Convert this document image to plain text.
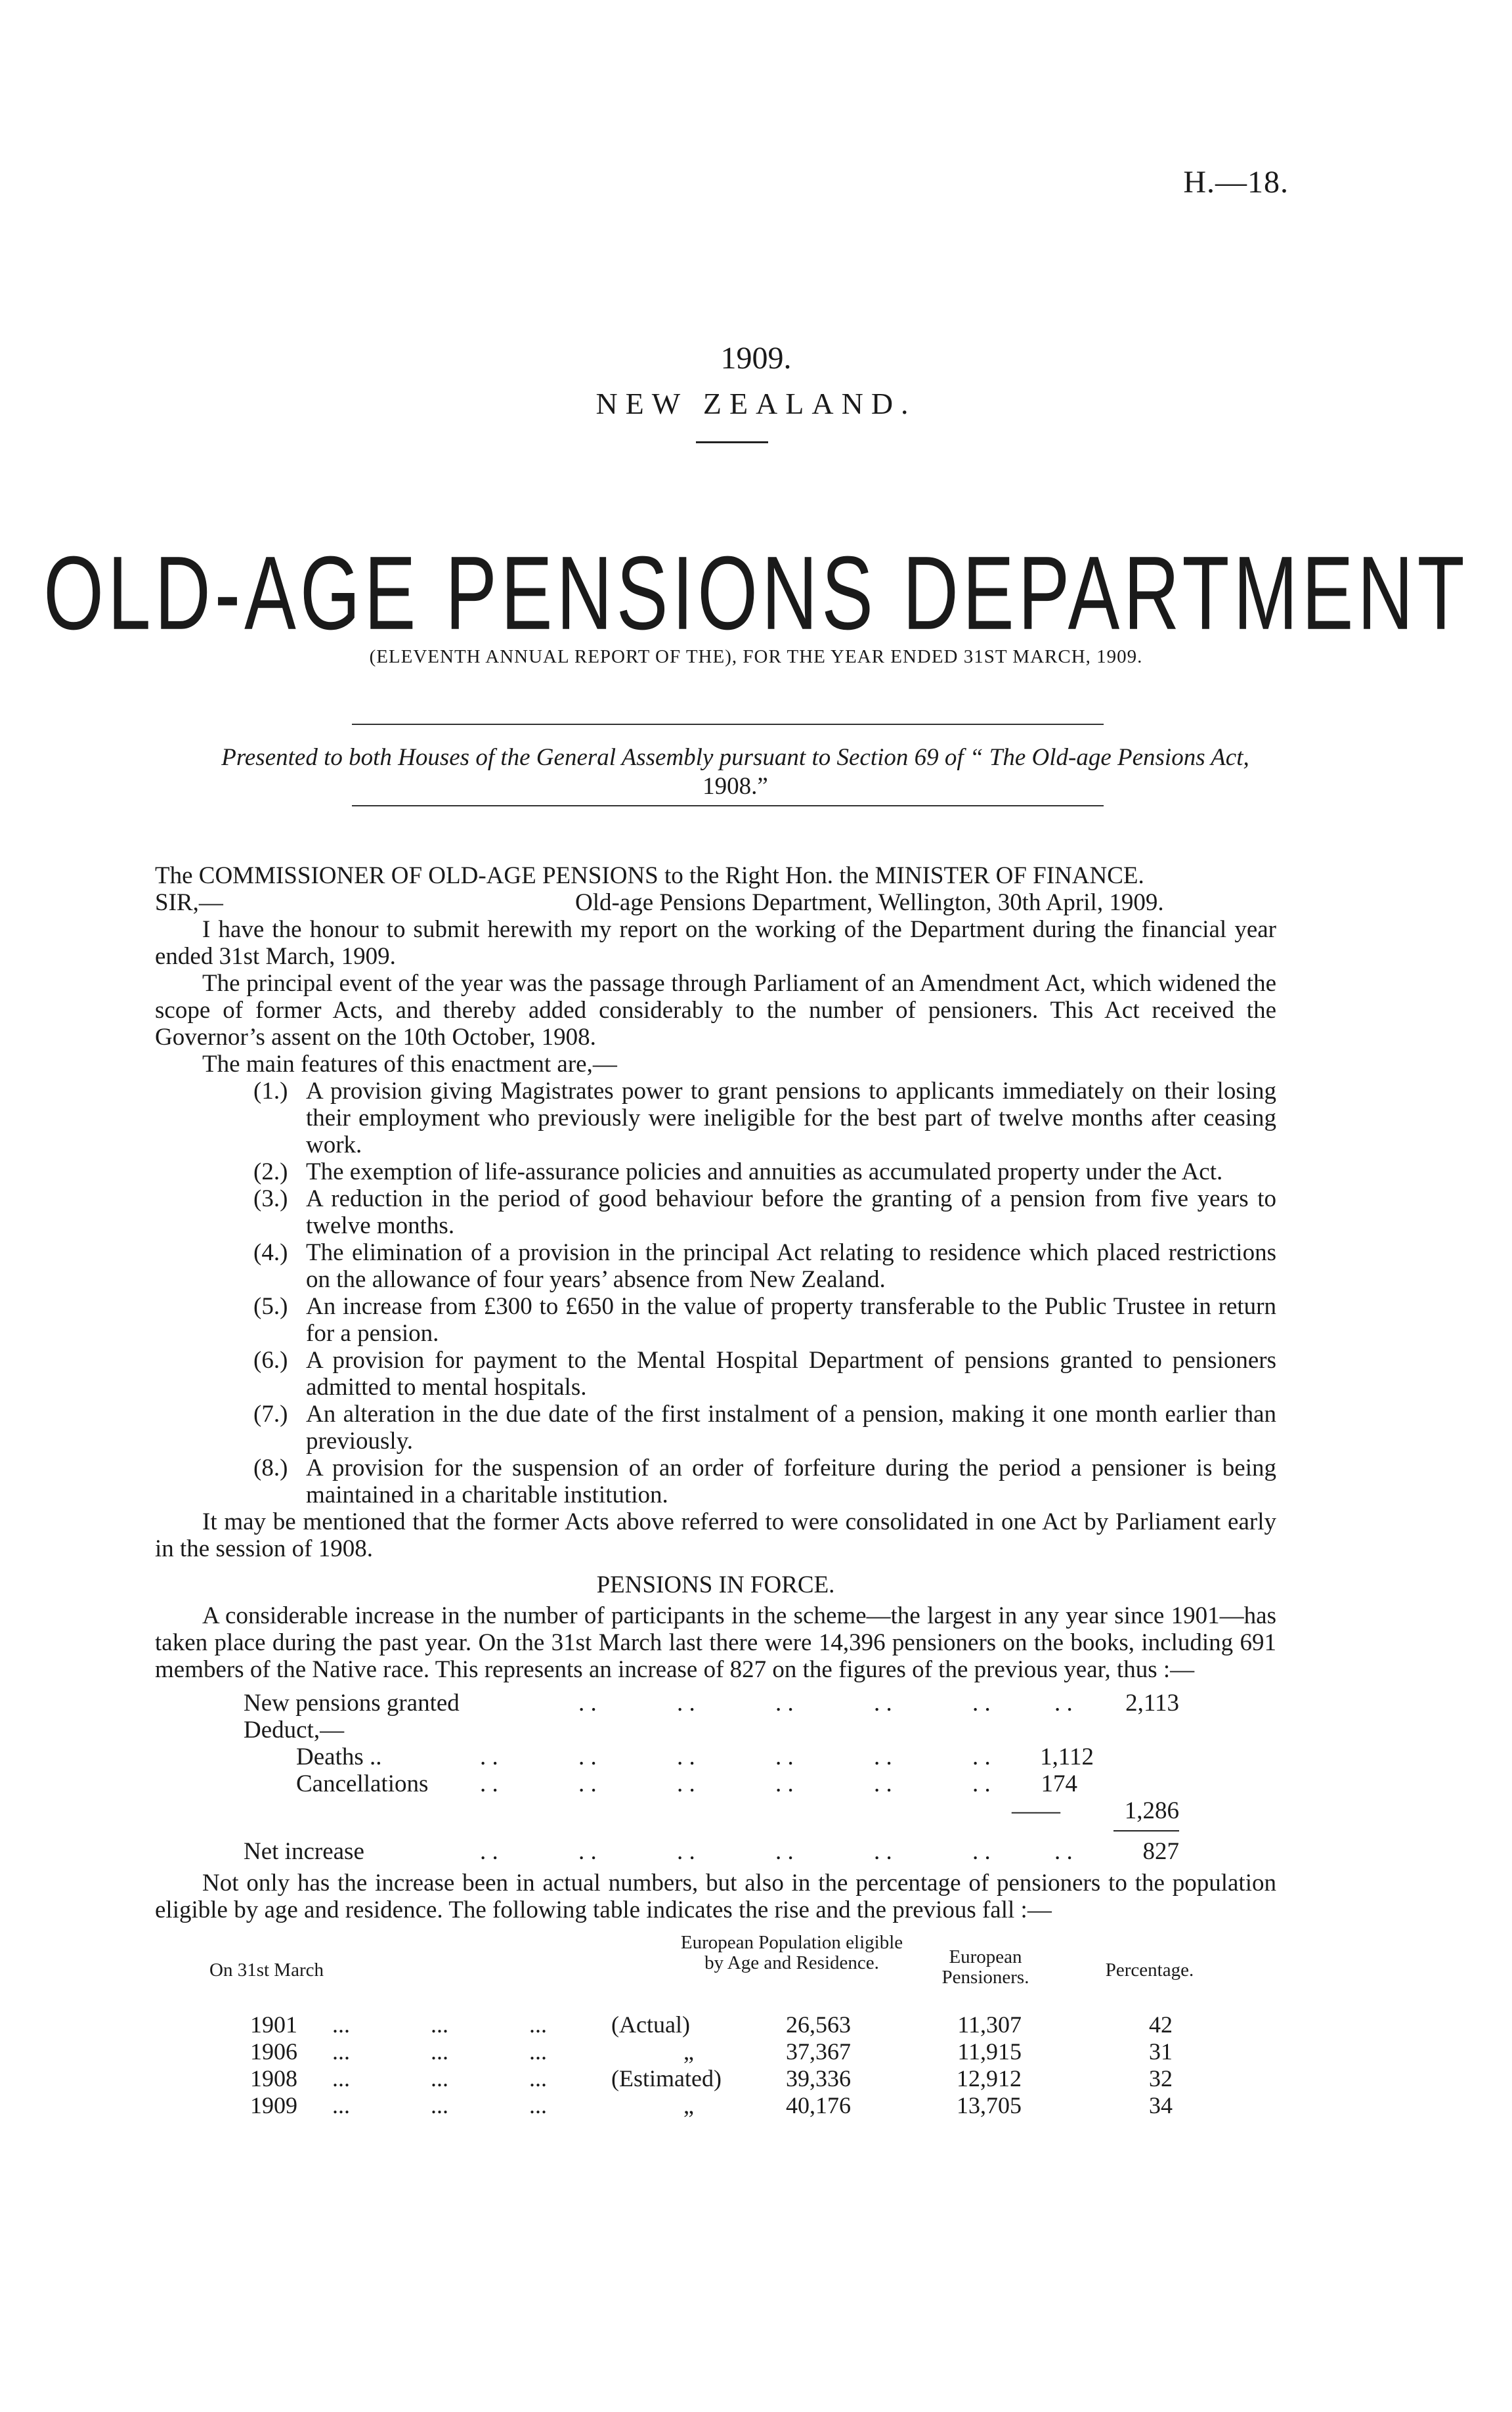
H.—18.
1909.
NEW ZEALAND.
OLD-AGE PENSIONS DEPARTMENT
(ELEVENTH ANNUAL REPORT OF THE), FOR THE YEAR ENDED 31ST MARCH, 1909.
Presented to both Houses of the General Assembly pursuant to Section 69 of “ The Old-age Pensions Act,
1908.”

The COMMISSIONER OF OLD-AGE PENSIONS to the Right Hon. the MINISTER OF FINANCE.

SIR,—	Old-age Pensions Department, Wellington, 30th April, 1909.

I have the honour to submit herewith my report on the working of the Department during the financial year ended 31st March, 1909.

The principal event of the year was the passage through Parliament of an Amendment Act, which widened the scope of former Acts, and thereby added considerably to the number of pensioners. This Act received the Governor’s assent on the 10th October, 1908.

The main features of this enactment are,—

(1.) A provision giving Magistrates power to grant pensions to applicants immediately on their losing their employment who previously were ineligible for the best part of twelve months after ceasing work.
(2.) The exemption of life-assurance policies and annuities as accumulated property under the Act.
(3.) A reduction in the period of good behaviour before the granting of a pension from five years to twelve months.
(4.) The elimination of a provision in the principal Act relating to residence which placed restrictions on the allowance of four years’ absence from New Zealand.
(5.) An increase from £300 to £650 in the value of property transferable to the Public Trustee in return for a pension.
(6.) A provision for payment to the Mental Hospital Department of pensions granted to pensioners admitted to mental hospitals.
(7.) An alteration in the due date of the first instalment of a pension, making it one month earlier than previously.
(8.) A provision for the suspension of an order of forfeiture during the period a pensioner is being maintained in a charitable institution.

It may be mentioned that the former Acts above referred to were consolidated in one Act by Parliament early in the session of 1908.

PENSIONS IN FORCE.

A considerable increase in the number of participants in the scheme—the largest in any year since 1901—has taken place during the past year. On the 31st March last there were 14,396 pensioners on the books, including 691 members of the Native race. This represents an increase of 827 on the figures of the previous year, thus :—

New pensions granted	. .	. .	. .	. .	. .	. .	2,113
Deduct,—
Deaths ..	. .	. .	. .	. .	. .	. .	1,112
Cancellations . .	. .	. .	. .	. .	. .	174
——	1,286
Net increase	. .	. .	. .	. .	. .	. .	. .	827

Not only has the increase been in actual numbers, but also in the percentage of pensioners to the population eligible by age and residence. The following table indicates the rise and the previous fall :—

On 31st March
European Population eligible by Age and Residence.	European Pensioners.	Percentage.
1901 ...	...	...	(Actual)	26,563	11,307	42
1906 ...	...	...	„	37,367	11,915	31
1908 ...	...	...	(Estimated)	39,336	12,912	32
1909 ...	...	...	„	40,176	13,705	34
